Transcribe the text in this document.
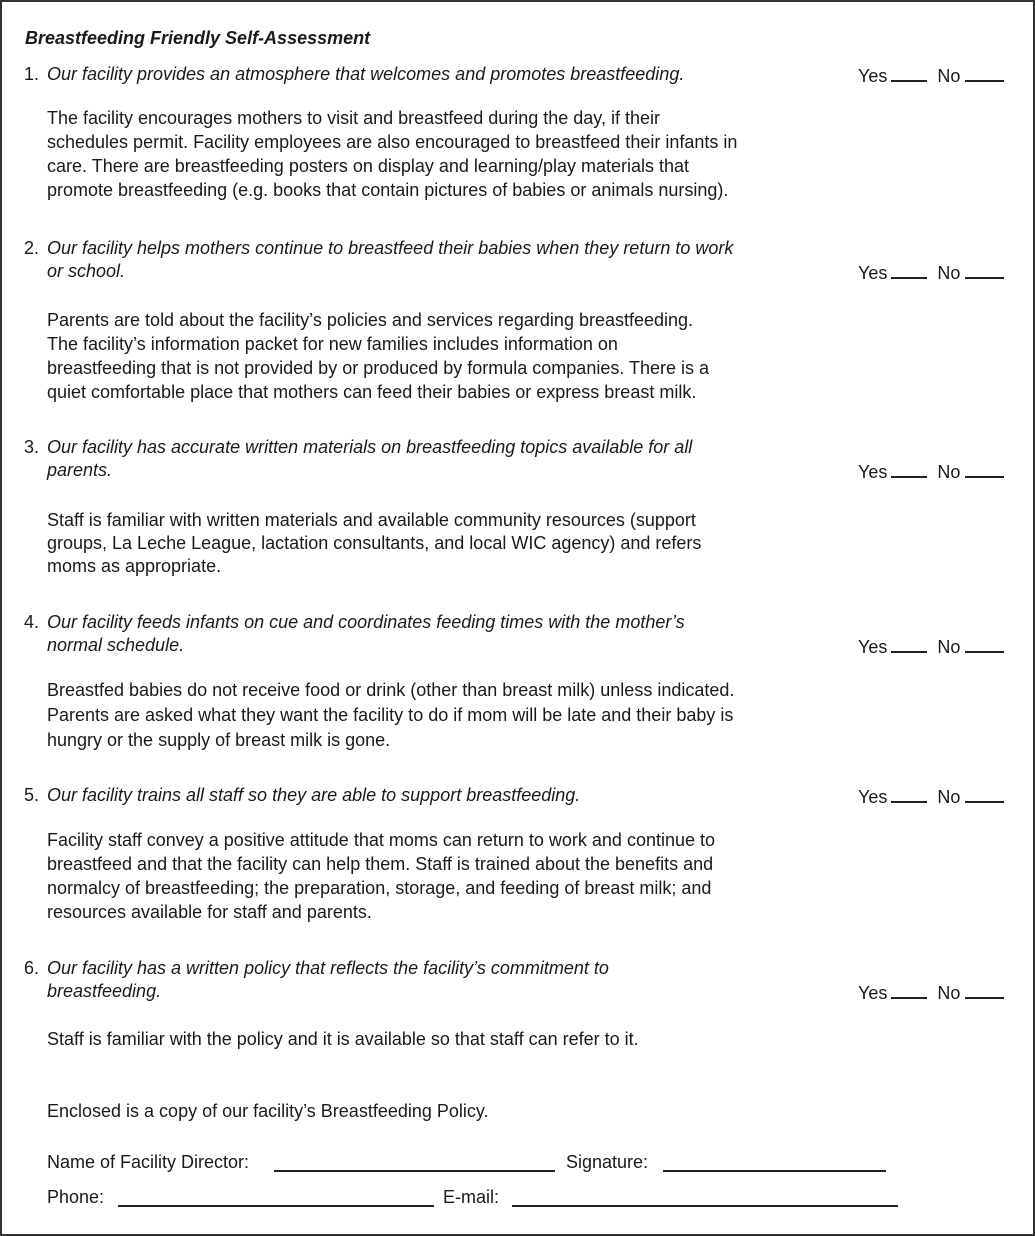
Breastfeeding Friendly Self-Assessment
1. Our facility provides an atmosphere that welcomes and promotes breastfeeding.
The facility encourages mothers to visit and breastfeed during the day, if their
schedules permit. Facility employees are also encouraged to breastfeed their infants in
care. There are breastfeeding posters on display and learning/play materials that
promote breastfeeding (e.g. books that contain pictures of babies or animals nursing).
Yes	No
2. Our facility helps mothers continue to breastfeed their babies when they return to work
or school.
Parents are told about the facility’s policies and services regarding breastfeeding.
The facility’s information packet for new families includes information on
breastfeeding that is not provided by or produced by formula companies. There is a
quiet comfortable place that mothers can feed their babies or express breast milk.
Yes	No
3. Our facility has accurate written materials on breastfeeding topics available for all
parents.
Staff is familiar with written materials and available community resources (support
groups, La Leche League, lactation consultants, and local WIC agency) and refers
moms as appropriate.
Yes	No
4. Our facility feeds infants on cue and coordinates feeding times with the mother’s
normal schedule.
Breastfed babies do not receive food or drink (other than breast milk) unless indicated.
Parents are asked what they want the facility to do if mom will be late and their baby is
hungry or the supply of breast milk is gone.
Yes	No
5. Our facility trains all staff so they are able to support breastfeeding.
Facility staff convey a positive attitude that moms can return to work and continue to
breastfeed and that the facility can help them. Staff is trained about the benefits and
normalcy of breastfeeding; the preparation, storage, and feeding of breast milk; and
resources available for staff and parents.
Yes	No
6. Our facility has a written policy that reflects the facility’s commitment to
breastfeeding.
Staff is familiar with the policy and it is available so that staff can refer to it.
Yes	No
Enclosed is a copy of our facility’s Breastfeeding Policy.
Name of Facility Director:	Signature:
Phone:	E-mail:
